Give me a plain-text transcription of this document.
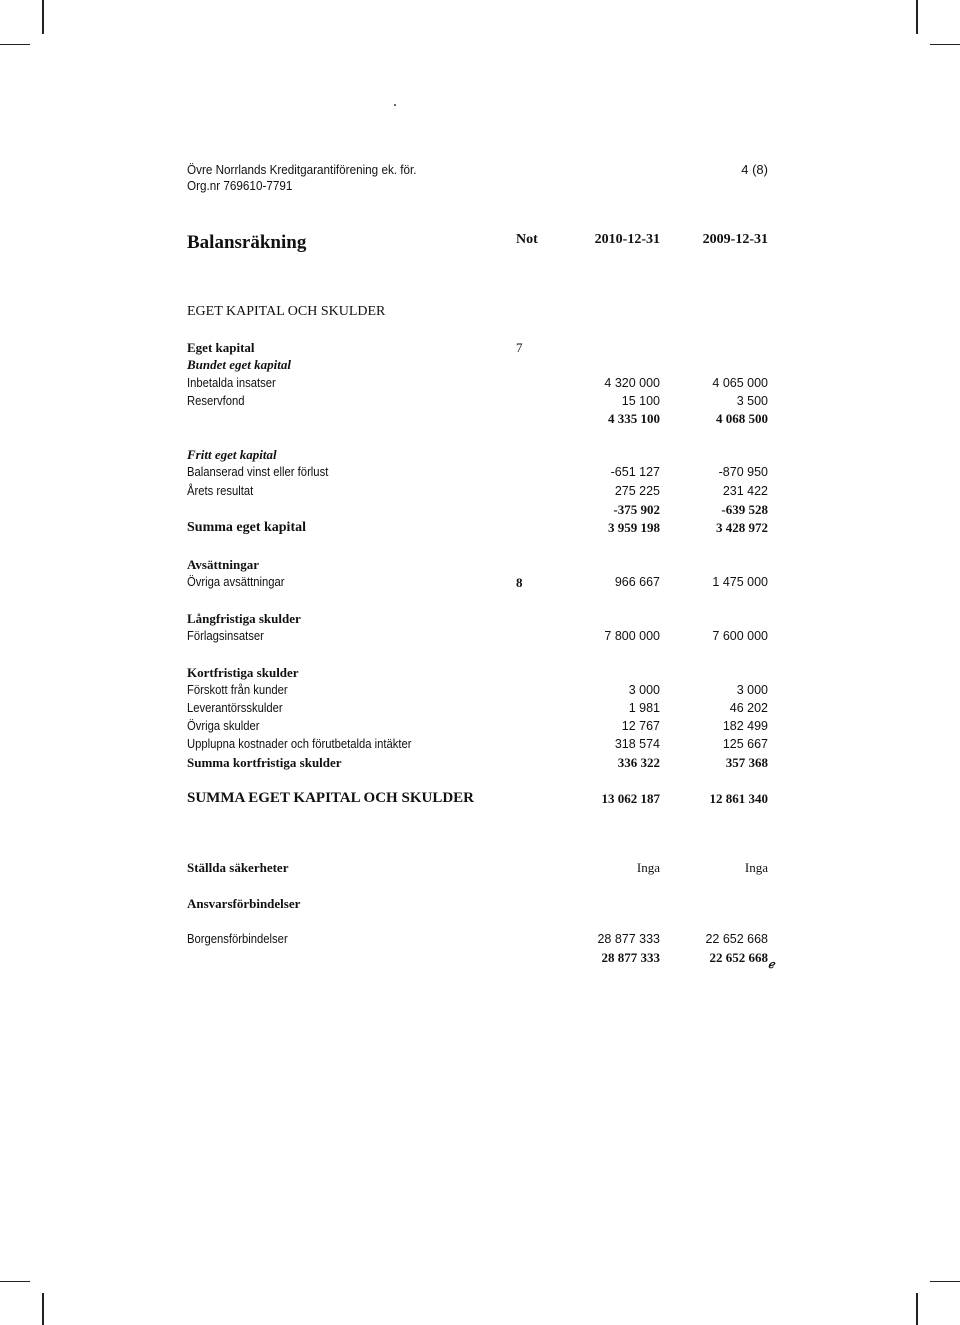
Övre Norrlands Kreditgarantiförening ek. för.
Org.nr 769610-7791
4 (8)
Balansräkning	Not	2010-12-31	2009-12-31
EGET KAPITAL OCH SKULDER
Eget kapital	7
Bundet eget kapital
Inbetalda insatser	4 320 000	4 065 000
Reservfond	15 100	3 500
4 335 100	4 068 500
Fritt eget kapital
Balanserad vinst eller förlust	-651 127	-870 950
Årets resultat	275 225	231 422
-375 902	-639 528
Summa eget kapital	3 959 198	3 428 972
Avsättningar
Övriga avsättningar	8	966 667	1 475 000
Långfristiga skulder
Förlagsinsatser	7 800 000	7 600 000
Kortfristiga skulder
Förskott från kunder	3 000	3 000
Leverantörsskulder	1 981	46 202
Övriga skulder	12 767	182 499
Upplupna kostnader och förutbetalda intäkter	318 574	125 667
Summa kortfristiga skulder	336 322	357 368
SUMMA EGET KAPITAL OCH SKULDER	13 062 187	12 861 340
Ställda säkerheter	Inga	Inga
Ansvarsförbindelser
Borgensförbindelser	28 877 333	22 652 668
28 877 333	22 652 668 ℯ
